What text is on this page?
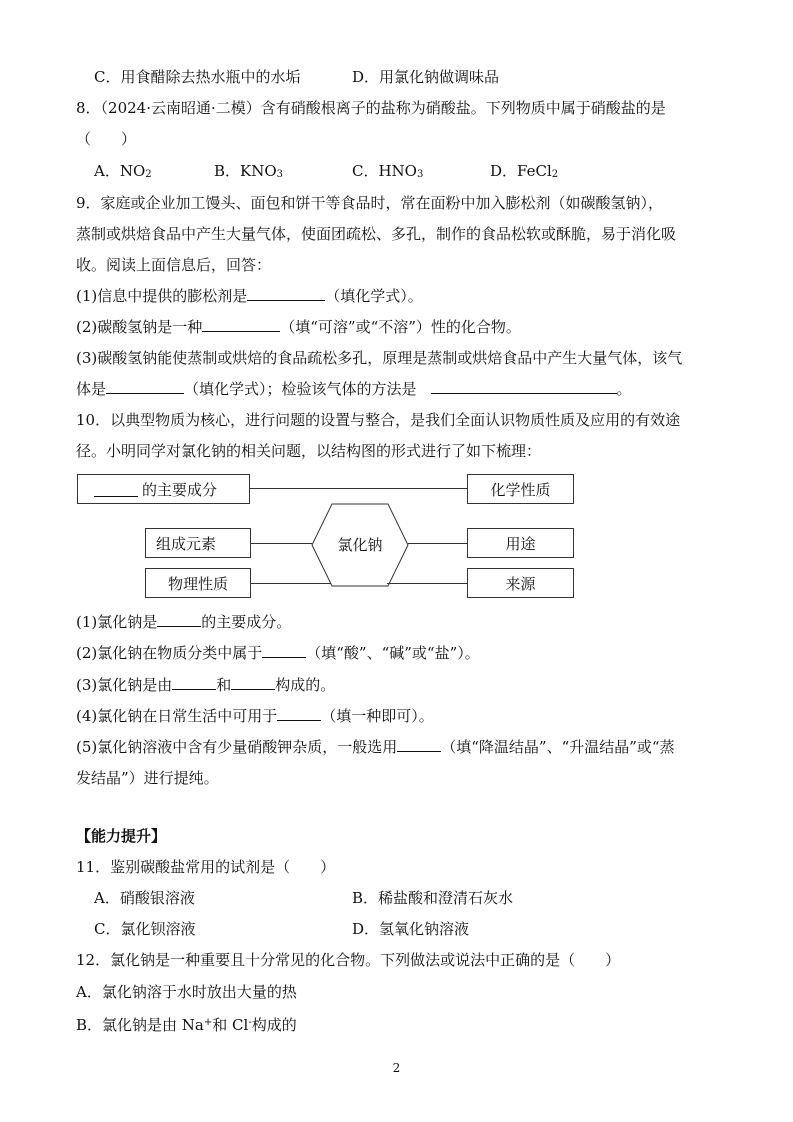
C．用食醋除去热水瓶中的水垢	D．用氯化钠做调味品
8．（2024·云南昭通·二模）含有硝酸根离子的盐称为硝酸盐。下列物质中属于硝酸盐的是
（　　）
A．NO2	B．KNO3	C．HNO3	D．FeCl2
9．家庭或企业加工馒头、面包和饼干等食品时，常在面粉中加入膨松剂（如碳酸氢钠），
蒸制或烘焙食品中产生大量气体，使面团疏松、多孔，制作的食品松软或酥脆，易于消化吸
收。阅读上面信息后，回答：
(1)信息中提供的膨松剂是	（填化学式）。
(2)碳酸氢钠是一种	（填“可溶”或“不溶”）性的化合物。
(3)碳酸氢钠能使蒸制或烘焙的食品疏松多孔，原理是蒸制或烘焙食品中产生大量气体，该气
体是	（填化学式）；检验该气体的方法是	。
10．以典型物质为核心，进行问题的设置与整合，是我们全面认识物质性质及应用的有效途
径。小明同学对氯化钠的相关问题，以结构图的形式进行了如下梳理：
的主要成分	化学性质
组成元素	氯化钠	用途
物理性质	来源
(1)氯化钠是	的主要成分。
(2)氯化钠在物质分类中属于	（填“酸”、“碱”或“盐”）。
(3)氯化钠是由	和	构成的。
(4)氯化钠在日常生活中可用于	（填一种即可）。
(5)氯化钠溶液中含有少量硝酸钾杂质，一般选用	（填“降温结晶”、“升温结晶”或“蒸
发结晶”）进行提纯。
【能力提升】
11．鉴别碳酸盐常用的试剂是（　　）
A．硝酸银溶液	B．稀盐酸和澄清石灰水
C．氯化钡溶液	D．氢氧化钠溶液
12．氯化钠是一种重要且十分常见的化合物。下列做法或说法中正确的是（　　）
A．氯化钠溶于水时放出大量的热
B．氯化钠是由 Na+和 Cl-构成的
2
